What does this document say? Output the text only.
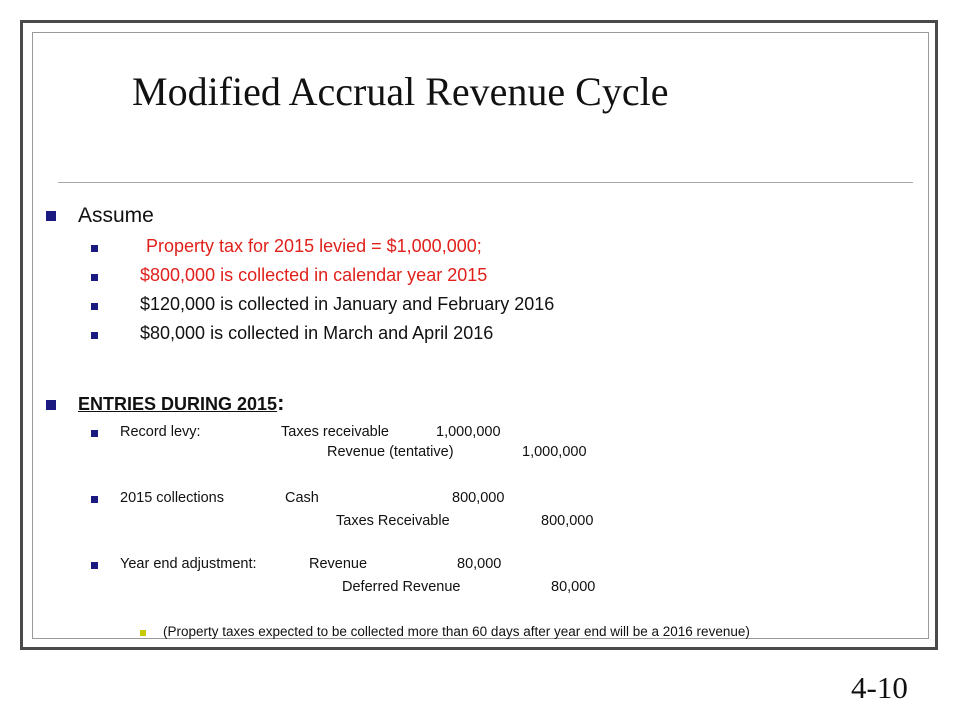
Modified Accrual Revenue Cycle
Assume
Property tax for 2015 levied = $1,000,000;
$800,000 is collected in calendar year 2015
$120,000 is collected in January and February 2016
$80,000 is collected in March and April 2016
ENTRIES DURING 2015:
Record levy:	Taxes receivable	1,000,000
Revenue (tentative)	1,000,000
2015 collections	Cash	800,000
Taxes Receivable	800,000
Year end adjustment:	Revenue	80,000
Deferred Revenue	80,000
(Property taxes expected to be collected more than 60 days after year end will be a 2016 revenue)
4-10
